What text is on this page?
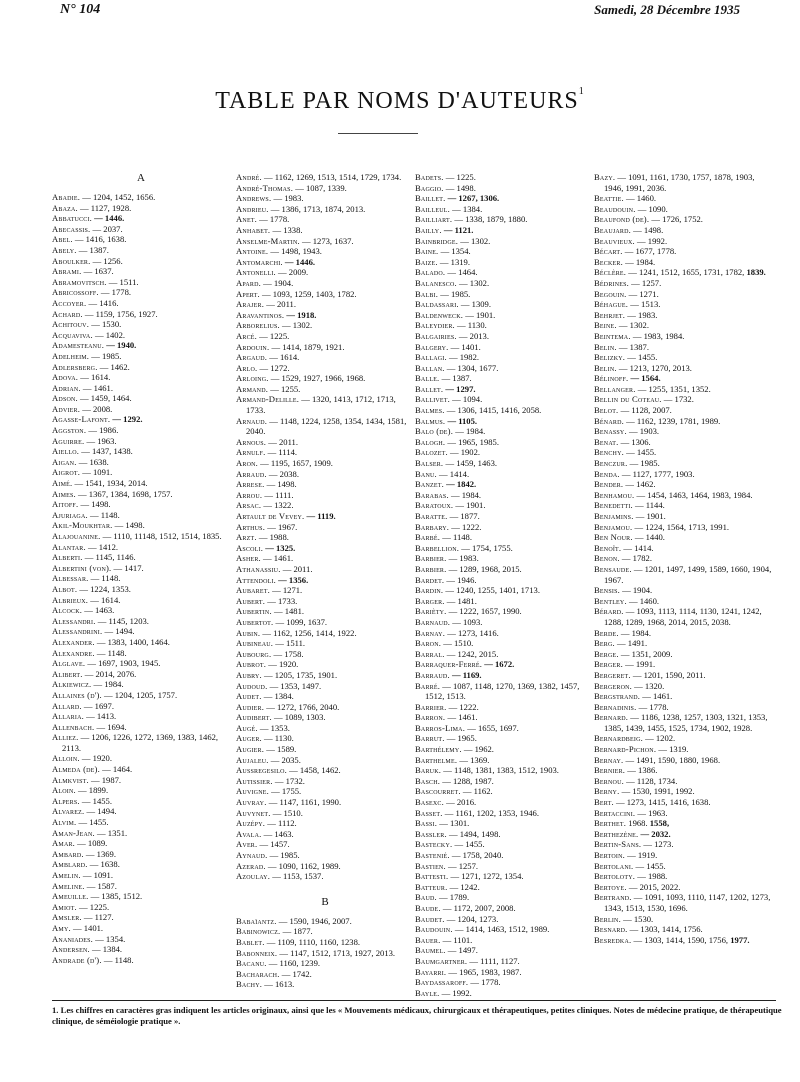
N° 104	Samedi, 28 Décembre 1935
TABLE PAR NOMS D'AUTEURS$^1$
A
Abadie. — 1204, 1452, 1656.
Abaza. — 1127, 1928.
Abbatucci. — 1446.
Abecassis. — 2037.
Abel. — 1416, 1638.
Abely. — 1387.
Aboulker. — 1256.
Abrami. — 1637.
Abramovitsch. — 1511.
Abricossoff. — 1778.
Accoyer. — 1416.
Achard. — 1159, 1756, 1927.
Achitouv. — 1530.
Acquaviva. — 1402.
Adamesteanu. — 1940.
Adelheim. — 1985.
Adlersberg. — 1462.
Adova. — 1614.
Adrian. — 1461.
Adson. — 1459, 1464.
Advier. — 2008.
Agasse-Lafont. — 1292.
Aggston. — 1986.
Aguirre. — 1963.
Aiello. — 1437, 1438.
Aigan. — 1638.
Aigrot. — 1091.
Aimé. — 1541, 1934, 2014.
Aimes. — 1367, 1384, 1698, 1757.
Aitoff. — 1498.
Ajuriaga. — 1148.
Akil-Moukhtar. — 1498.
Alajouanine. — 1110, 11148, 1512, 1514, 1835.
Alantar. — 1412.
Alberti. — 1145, 1146.
Albertini (von). — 1417.
Albessar. — 1148.
Albot. — 1224, 1353.
Albrieux. — 1614.
Alcock. — 1463.
Alessandri. — 1145, 1203.
Alessandrini. — 1494.
Alexander. — 1383, 1400, 1464.
Alexandre. — 1148.
Alglave. — 1697, 1903, 1945.
Alibert. — 2014, 2076.
Alkiewicz. — 1984.
Allaines (d'). — 1204, 1205, 1757.
Allard. — 1697.
Allaria. — 1413.
Allenbach. — 1694.
Alliez. — 1206, 1226, 1272, 1369, 1383, 1462, 2113.
Alloin. — 1920.
Almeda (de). — 1464.
Almkvist. — 1987.
Aloin. — 1899.
Alpers. — 1455.
Alvarez. — 1494.
Alvim. — 1455.
Aman-Jean. — 1351.
Amar. — 1089.
Ambard. — 1369.
Amblard. — 1638.
Amelin. — 1091.
Ameline. — 1587.
Ameuille. — 1385, 1512.
Amiot. — 1225.
Amsler. — 1127.
Amy. — 1401.
Ananiades. — 1354.
Andersen. — 1384.
Andrade (d'). — 1148.
André. — 1162, 1269, 1513, 1514, 1729, 1734.
André-Thomas. — 1087, 1339.
Andrews. — 1983.
Andrieu. — 1386, 1713, 1874, 2013.
Anet. — 1778.
Anhabet. — 1338.
Anselme-Martin. — 1273, 1637.
Antoine. — 1498, 1943.
Antomarchi. — 1446.
Antonelli. — 2009.
Apard. — 1904.
Apert. — 1093, 1259, 1403, 1782.
Arajer. — 2011.
Aravantinos. — 1918.
Arborelius. — 1302.
Arcé. — 1225.
Ardouin. — 1414, 1879, 1921.
Argaud. — 1614.
Arlo. — 1272.
Arloing. — 1529, 1927, 1966, 1968.
Armand. — 1255.
Armand-Delille. — 1320, 1413, 1712, 1713, 1733.
Arnaud. — 1148, 1224, 1258, 1354, 1434, 1581, 2040.
Arnous. — 2011.
Arnulf. — 1114.
Aron. — 1195, 1657, 1909.
Arraud. — 2038.
Arrese. — 1498.
Arrou. — 1111.
Arsac. — 1322.
Artault de Vevey. — 1119.
Arthus. — 1967.
Arzt. — 1988.
Ascoli. — 1325.
Asher. — 1461.
Athanassiu. — 2011.
Attendoli. — 1356.
Aubaret. — 1271.
Aubert. — 1733.
Aubertin. — 1481.
Aubertot. — 1099, 1637.
Aubin. — 1162, 1256, 1414, 1922.
Aubineau. — 1511.
Aubourg. — 1758.
Aubrot. — 1920.
Aubry. — 1205, 1735, 1901.
Audoud. — 1353, 1497.
Audet. — 1384.
Audier. — 1272, 1766, 2040.
Audibert. — 1089, 1303.
Augé. — 1353.
Auger. — 1130.
Augier. — 1589.
Aujaleu. — 2035.
Aussregesilo. — 1458, 1462.
Autissier. — 1732.
Auvigne. — 1755.
Auvray. — 1147, 1161, 1990.
Auvynet. — 1510.
Auzépy. — 1112.
Avala. — 1463.
Aver. — 1457.
Aynaud. — 1985.
Azerad. — 1090, 1162, 1989.
Azoulay. — 1153, 1537.
B
Babaïantz. — 1590, 1946, 2007.
Babinowicz. — 1877.
Bablet. — 1109, 1110, 1160, 1238.
Babonneix. — 1147, 1512, 1713, 1927, 2013.
Bacanu. — 1160, 1239.
Bacharach. — 1742.
Bachy. — 1613.
Badets. — 1225.
Baggio. — 1498.
Baillet. — 1267, 1306.
Bailleul. — 1384.
Bailliart. — 1338, 1879, 1880.
Bailly. — 1121.
Bainbridge. — 1302.
Baine. — 1354.
Baize. — 1319.
Balado. — 1464.
Balanesco. — 1302.
Balbi. — 1985.
Baldassari. — 1309.
Baldenweck. — 1901.
Baleydier. — 1130.
Balgairies. — 2013.
Balgery. — 1401.
Ballagi. — 1982.
Ballan. — 1304, 1677.
Balle. — 1387.
Ballet. — 1297.
Ballivet. — 1094.
Balmes. — 1306, 1415, 1416, 2058.
Balmus. — 1105.
Balo (de). — 1984.
Balogh. — 1965, 1985.
Balozet. — 1902.
Balser. — 1459, 1463.
Banu. — 1414.
Banzet. — 1842.
Barabas. — 1984.
Baratoux. — 1901.
Baratte. — 1877.
Barbary. — 1222.
Barbé. — 1148.
Barbellion. — 1754, 1755.
Barbier. — 1983.
Barbier. — 1289, 1968, 2015.
Bardet. — 1946.
Bardin. — 1240, 1255, 1401, 1713.
Barger. — 1481.
Barièty. — 1222, 1657, 1990.
Barnaud. — 1093.
Barnay. — 1273, 1416.
Baron. — 1510.
Barral. — 1242, 2015.
Barraquer-Ferré. — 1672.
Barraud. — 1169.
Barré. — 1087, 1148, 1270, 1369, 1382, 1457, 1512, 1513.
Barrier. — 1222.
Barron. — 1461.
Barros-Lima. — 1655, 1697.
Barrut. — 1965.
Barthélemy. — 1962.
Barthelme. — 1369.
Baruk. — 1148, 1381, 1383, 1512, 1903.
Basch. — 1288, 1987.
Bascourret. — 1162.
Basexc. — 2016.
Basset. — 1161, 1202, 1353, 1946.
Bassi. — 1301.
Bassler. — 1494, 1498.
Bastecky. — 1455.
Bastenié. — 1758, 2040.
Bastien. — 1257.
Battesti. — 1271, 1272, 1354.
Batteur. — 1242.
Baud. — 1789.
Baude. — 1172, 2007, 2008.
Baudet. — 1204, 1273.
Baudouin. — 1414, 1463, 1512, 1989.
Bauer. — 1101.
Baumel. — 1497.
Baumgartner. — 1111, 1127.
Bayarri. — 1965, 1983, 1987.
Baydassaroff. — 1778.
Bayle. — 1992.
Bazy. — 1091, 1161, 1730, 1757, 1878, 1903, 1946, 1991, 2036.
Beattie. — 1460.
Beaudouin. — 1090.
Beaufond (de). — 1726, 1752.
Beaujard. — 1498.
Beauvieux. — 1992.
Bécart. — 1677, 1778.
Becker. — 1984.
Béclère. — 1241, 1512, 1655, 1731, 1782, 1839.
Bédrines. — 1257.
Begouin. — 1271.
Béhague. — 1513.
Behrjet. — 1983.
Beine. — 1302.
Beintema. — 1983, 1984.
Belin. — 1387.
Belizky. — 1455.
Belin. — 1213, 1270, 2013.
Bélinoff. — 1564.
Bellanger. — 1255, 1351, 1352.
Bellin du Coteau. — 1732.
Belot. — 1128, 2007.
Bénard. — 1162, 1239, 1781, 1989.
Benassy. — 1903.
Benat. — 1306.
Benchy. — 1455.
Benczur. — 1985.
Benda. — 1127, 1777, 1903.
Bender. — 1462.
Benhamou. — 1454, 1463, 1464, 1983, 1984.
Benedetti. — 1144.
Benjamins. — 1901.
Benjamou. — 1224, 1564, 1713, 1991.
Ben Nour. — 1440.
Benoît. — 1414.
Benon. — 1782.
Bensaude. — 1201, 1497, 1499, 1589, 1660, 1904, 1967.
Bensis. — 1904.
Bentley. — 1460.
Bérard. — 1093, 1113, 1114, 1130, 1241, 1242, 1288, 1289, 1968, 2014, 2015, 2038.
Berde. — 1984.
Berg. — 1491.
Berge. — 1351, 2009.
Berger. — 1991.
Bergeret. — 1201, 1590, 2011.
Bergeron. — 1320.
Bergstrand. — 1461.
Bernadinis. — 1778.
Bernard. — 1186, 1238, 1257, 1303, 1321, 1353, 1385, 1439, 1455, 1525, 1734, 1902, 1928.
Bernardbeig. — 1202.
Bernard-Pichon. — 1319.
Bernay. — 1491, 1590, 1880, 1968.
Bernier. — 1386.
Bernou. — 1128, 1734.
Berny. — 1530, 1991, 1992.
Bert. — 1273, 1415, 1416, 1638.
Bertaccini. — 1963.
Berthet. 1968. 1558,
Berthezène. — 2032.
Bertin-Sans. — 1273.
Bertoin. — 1919.
Bertolani. — 1455.
Bertoloty. — 1988.
Bertoye. — 2015, 2022.
Bertrand. — 1091, 1093, 1110, 1147, 1202, 1273, 1343, 1513, 1530, 1696.
Berlin. — 1530.
Besnard. — 1303, 1414, 1756.
Besredka. — 1303, 1414, 1590, 1756, 1977.
1. Les chiffres en caractères gras indiquent les articles originaux, ainsi que les « Mouvements médicaux, chirurgicaux et thérapeutiques, petites cliniques. Notes de médecine pratique, de thérapeutique clinique, de séméiologie pratique ».
